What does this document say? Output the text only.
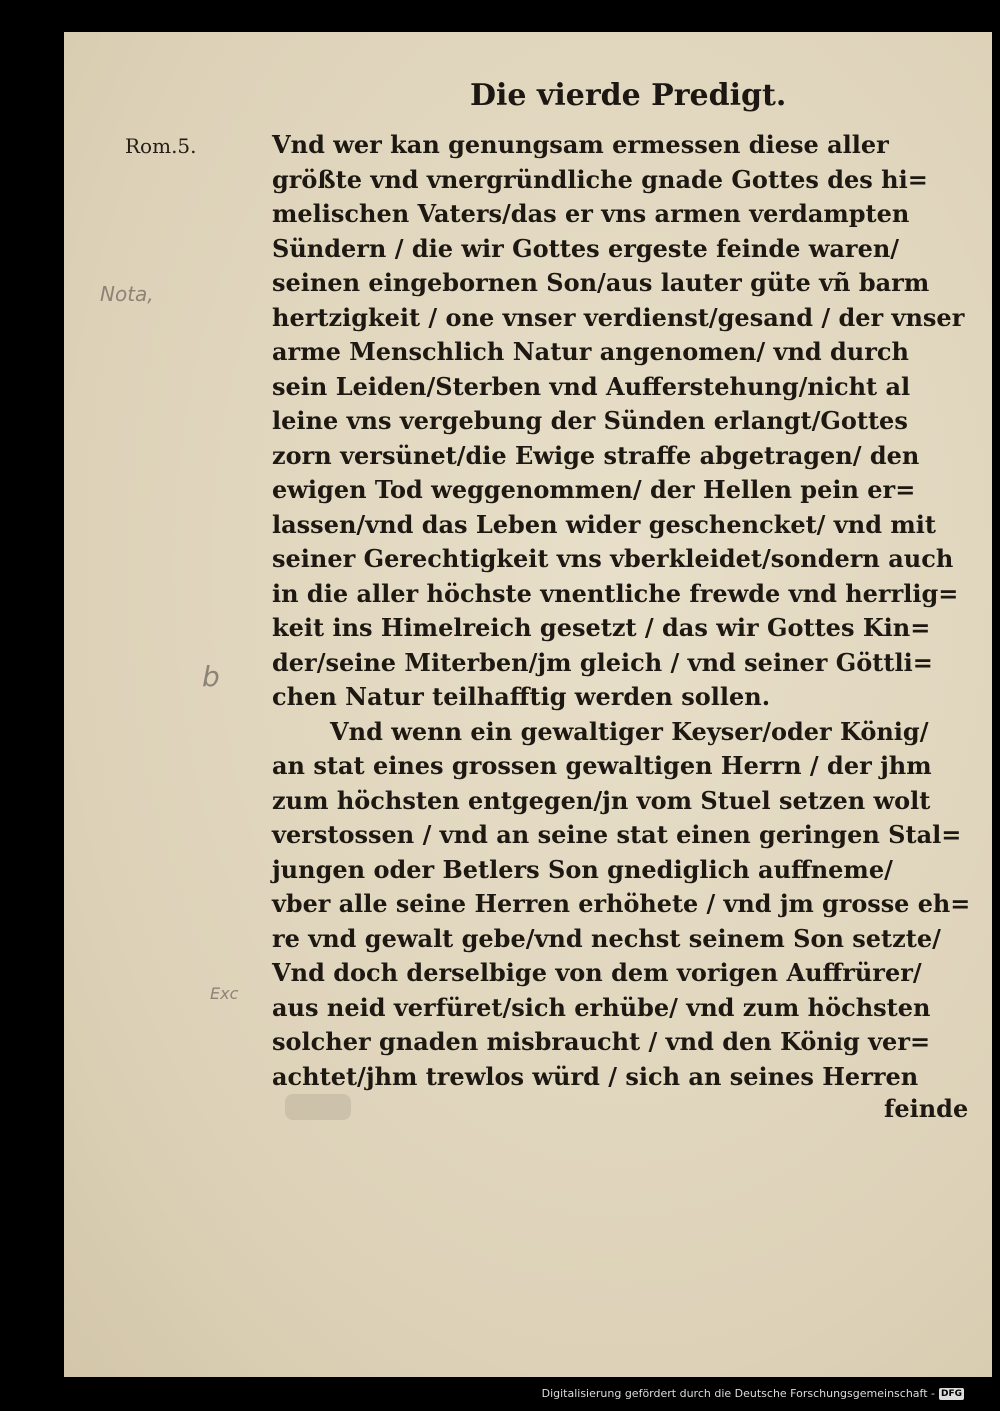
Die vierde Predigt.
Rom.5.
Nota,
b
Exc
Vnd wer kan genungsam ermessen diese aller
größte vnd vnergründliche gnade Gottes des hi=
melischen Vaters/das er vns armen verdampten
Sündern / die wir Gottes ergeste feinde waren/
seinen eingebornen Son/aus lauter güte vñ barm
hertzigkeit / one vnser verdienst/gesand / der vnser
arme Menschlich Natur angenomen/ vnd durch
sein Leiden/Sterben vnd Aufferstehung/nicht al
leine vns vergebung der Sünden erlangt/Gottes
zorn versünet/die Ewige straffe abgetragen/ den
ewigen Tod weggenommen/ der Hellen pein er=
lassen/vnd das Leben wider geschencket/ vnd mit
seiner Gerechtigkeit vns vberkleidet/sondern auch
in die aller höchste vnentliche frewde vnd herrlig=
keit ins Himelreich gesetzt / das wir Gottes Kin=
der/seine Miterben/jm gleich / vnd seiner Göttli=
chen Natur teilhafftig werden sollen.
Vnd wenn ein gewaltiger Keyser/oder König/
an stat eines grossen gewaltigen Herrn / der jhm
zum höchsten entgegen/jn vom Stuel setzen wolt
verstossen / vnd an seine stat einen geringen Stal=
jungen oder Betlers Son gnediglich auffneme/
vber alle seine Herren erhöhete / vnd jm grosse eh=
re vnd gewalt gebe/vnd nechst seinem Son setzte/
Vnd doch derselbige von dem vorigen Auffrürer/
aus neid verfüret/sich erhübe/ vnd zum höchsten
solcher gnaden misbraucht / vnd den König ver=
achtet/jhm trewlos würd / sich an seines Herren
feinde
Digitalisierung gefördert durch die Deutsche Forschungsgemeinschaft - DFG
